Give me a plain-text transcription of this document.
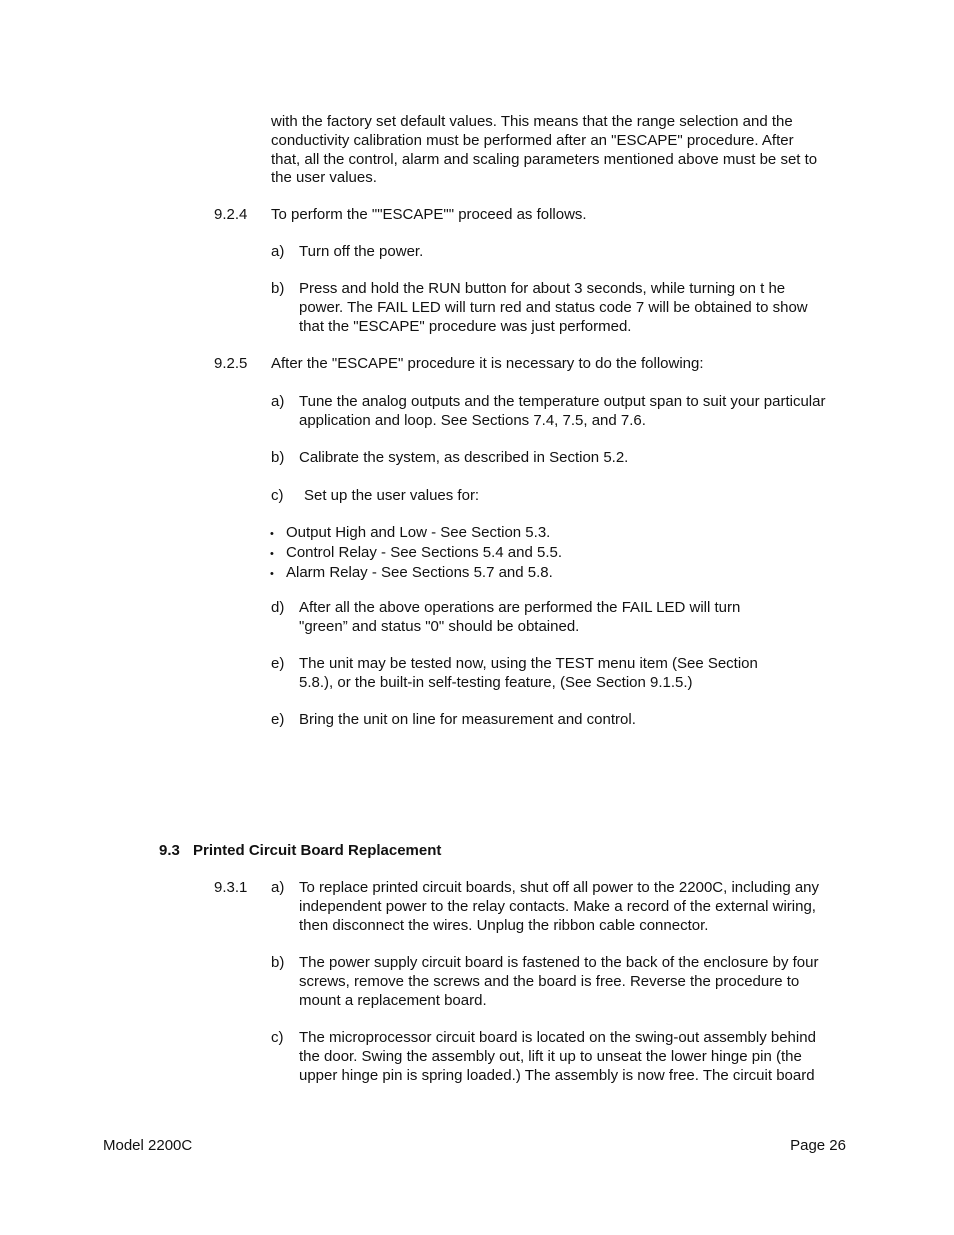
with the factory set default values. This means that the range selection and the
conductivity calibration must be performed after an "ESCAPE" procedure. After
that, all the control, alarm and scaling parameters mentioned above must be set to
the user values.
9.2.4 To perform the ""ESCAPE"" proceed as follows.
a) Turn off the power.
b) Press and hold the RUN button for about 3 seconds, while turning on t he
power. The FAIL LED will turn red and status code 7 will be obtained to show
that the "ESCAPE" procedure was just performed.
9.2.5 After the "ESCAPE" procedure it is necessary to do the following:
a) Tune the analog outputs and the temperature output span to suit your particular
application and loop. See Sections 7.4, 7.5, and 7.6.
b) Calibrate the system, as described in Section 5.2.
c) Set up the user values for:
• Output High and Low - See Section 5.3.
• Control Relay - See Sections 5.4 and 5.5.
• Alarm Relay - See Sections 5.7 and 5.8.
d) After all the above operations are performed the FAIL LED will turn
"green” and status "0" should be obtained.
e) The unit may be tested now, using the TEST menu item (See Section
5.8.), or the built-in self-testing feature, (See Section 9.1.5.)
e) Bring the unit on line for measurement and control.
9.3 Printed Circuit Board Replacement
9.3.1 a) To replace printed circuit boards, shut off all power to the 2200C, including any
independent power to the relay contacts. Make a record of the external wiring,
then disconnect the wires. Unplug the ribbon cable connector.
b) The power supply circuit board is fastened to the back of the enclosure by four
screws, remove the screws and the board is free. Reverse the procedure to
mount a replacement board.
c) The microprocessor circuit board is located on the swing-out assembly behind
the door. Swing the assembly out, lift it up to unseat the lower hinge pin (the
upper hinge pin is spring loaded.) The assembly is now free. The circuit board
Model 2200C	Page 26
